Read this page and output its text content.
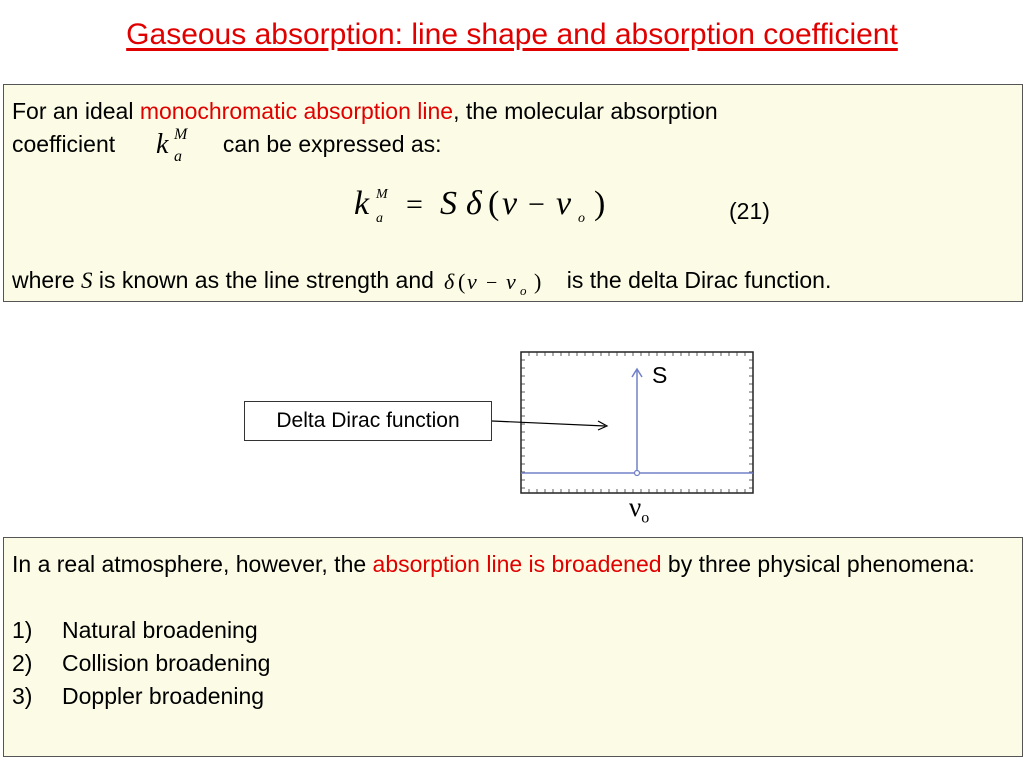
Gaseous absorption: line shape and absorption coefficient
For an ideal monochromatic absorption line, the molecular absorption
coefficient	can be expressed as:
k M
a
k M
a = S δ ( ν − ν o )	(21)
where S is known as the line strength and δ ( ν − ν o ) is the delta Dirac function.
Delta Dirac function
S
$\nu_o$
In a real atmosphere, however, the absorption line is broadened by three physical phenomena:
1)	Natural broadening
2)	Collision broadening
3)	Doppler broadening
